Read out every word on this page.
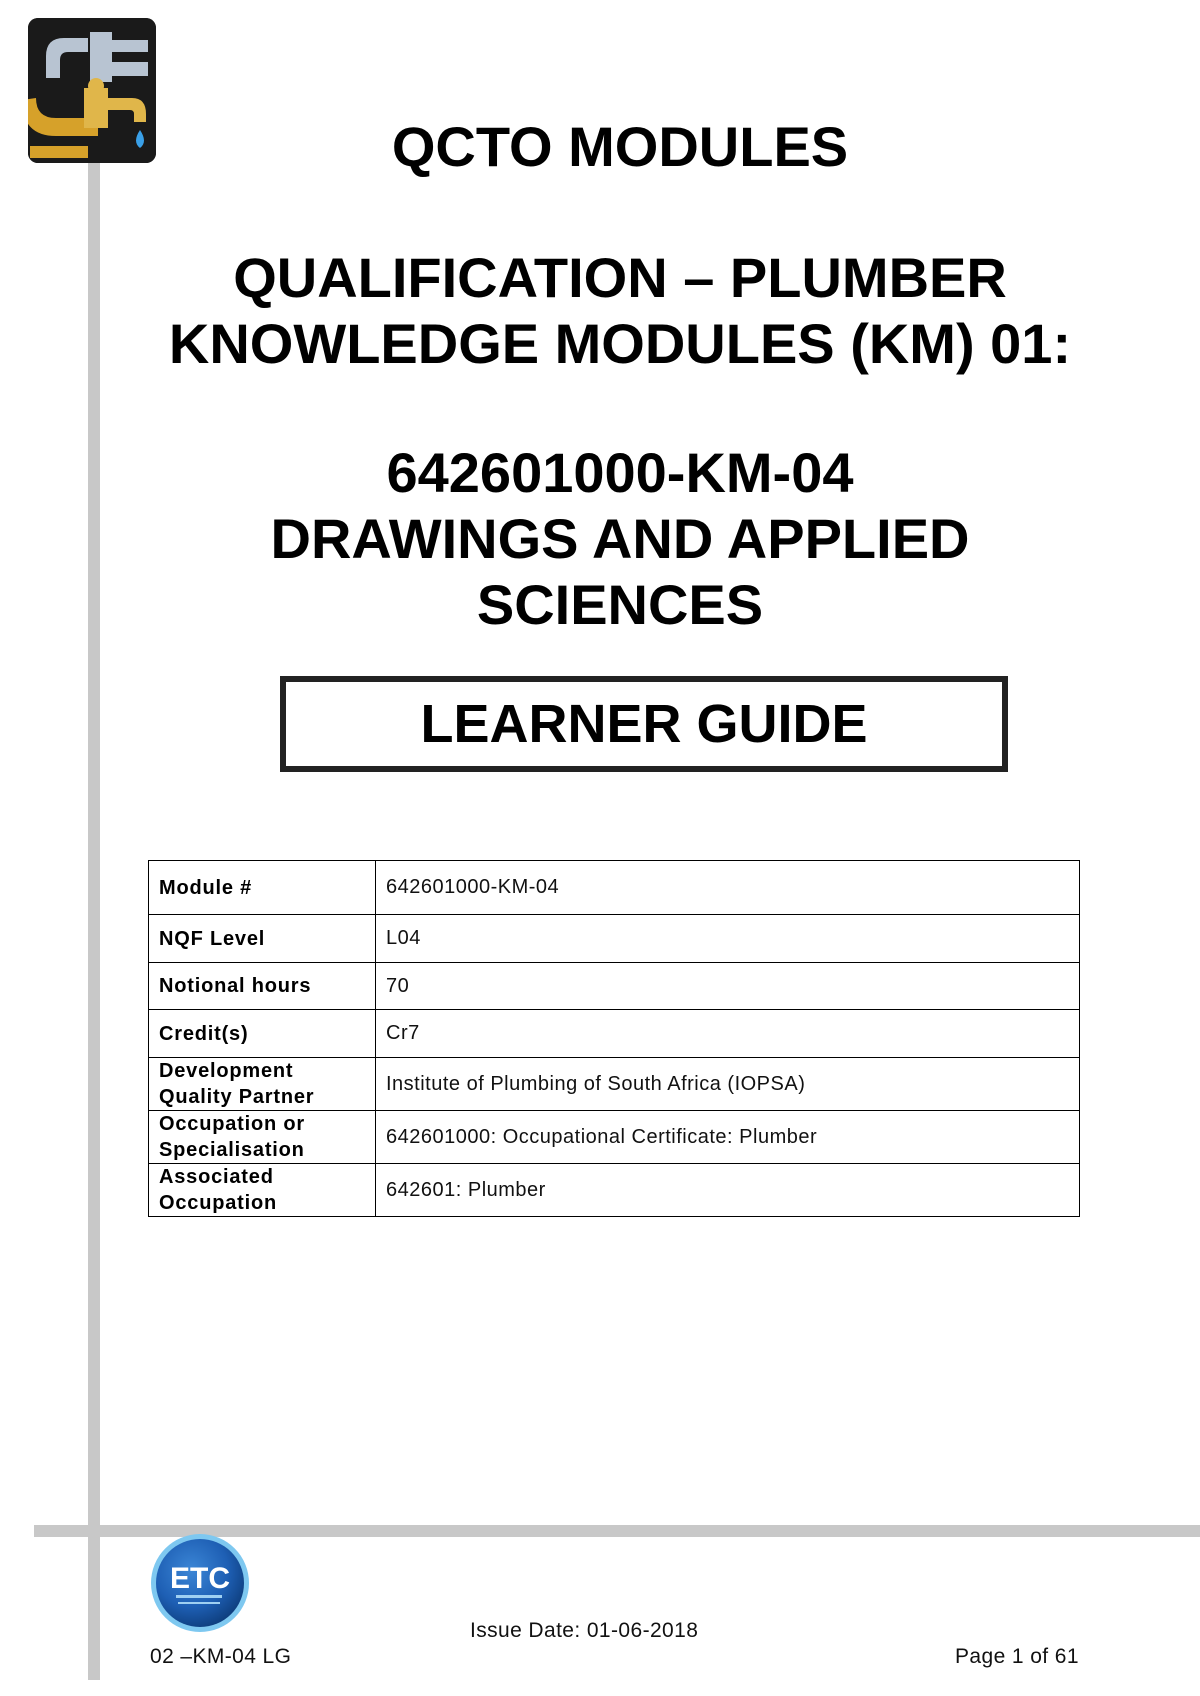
QCTO MODULES
QUALIFICATION – PLUMBER
KNOWLEDGE MODULES (KM) 01:
642601000-KM-04
DRAWINGS AND APPLIED
SCIENCES
LEARNER GUIDE
Module #	642601000-KM-04
NQF Level	L04
Notional hours	70
Credit(s)	Cr7

Development
Quality Partner	Institute of Plumbing of South Africa (IOPSA)

Occupation or
Specialisation	642601000: Occupational Certificate: Plumber

Associated
Occupation	642601: Plumber
ETC

02 –KM-04 LG

Issue Date: 01-06-2018

Page 1 of 61
